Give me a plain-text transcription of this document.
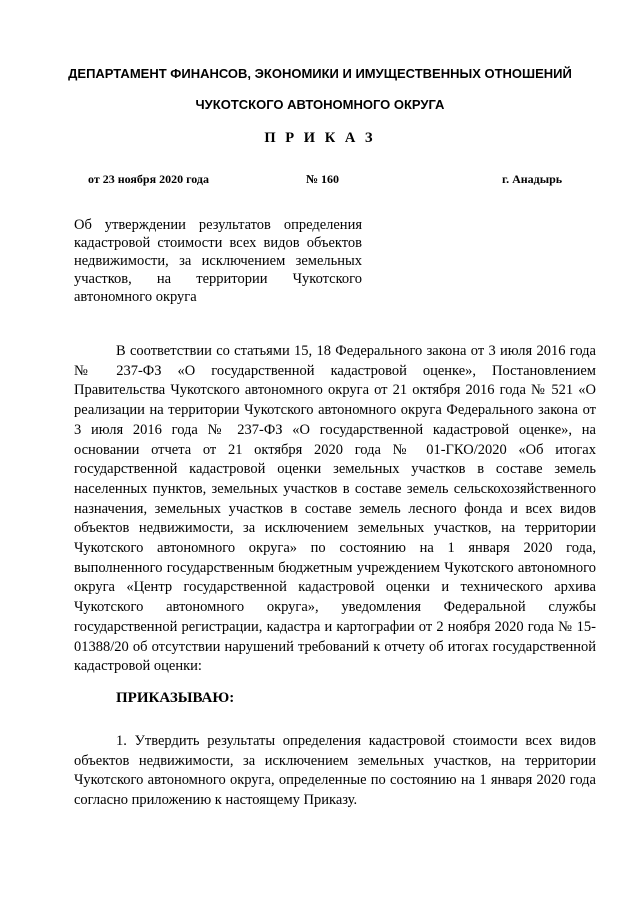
ДЕПАРТАМЕНТ ФИНАНСОВ, ЭКОНОМИКИ И ИМУЩЕСТВЕННЫХ ОТНОШЕНИЙ
ЧУКОТСКОГО АВТОНОМНОГО ОКРУГА
П Р И К А З
от 23 ноября 2020 года	№ 160	г. Анадырь
Об утверждении результатов определения кадастровой стоимости всех видов объектов недвижимости, за исключением земельных участков, на территории Чукотского автономного округа

В соответствии со статьями 15, 18 Федерального закона от 3 июля 2016 года № 237-ФЗ «О государственной кадастровой оценке», Постановлением Правительства Чукотского автономного округа от 21 октября 2016 года № 521 «О реализации на территории Чукотского автономного округа Федерального закона от 3 июля 2016 года № 237-ФЗ «О государственной кадастровой оценке», на основании отчета от 21 октября 2020 года № 01-ГКО/2020 «Об итогах государственной кадастровой оценки земельных участков в составе земель населенных пунктов, земельных участков в составе земель сельскохозяйственного назначения, земельных участков в составе земель лесного фонда и всех видов объектов недвижимости, за исключением земельных участков, на территории Чукотского автономного округа» по состоянию на 1 января 2020 года, выполненного государственным бюджетным учреждением Чукотского автономного округа «Центр государственной кадастровой оценки и технического архива Чукотского автономного округа», уведомления Федеральной службы государственной регистрации, кадастра и картографии от 2 ноября 2020 года № 15-01388/20 об отсутствии нарушений требований к отчету об итогах государственной кадастровой оценки:

ПРИКАЗЫВАЮ:

1. Утвердить результаты определения кадастровой стоимости всех видов объектов недвижимости, за исключением земельных участков, на территории Чукотского автономного округа, определенные по состоянию на 1 января 2020 года согласно приложению к настоящему Приказу.
